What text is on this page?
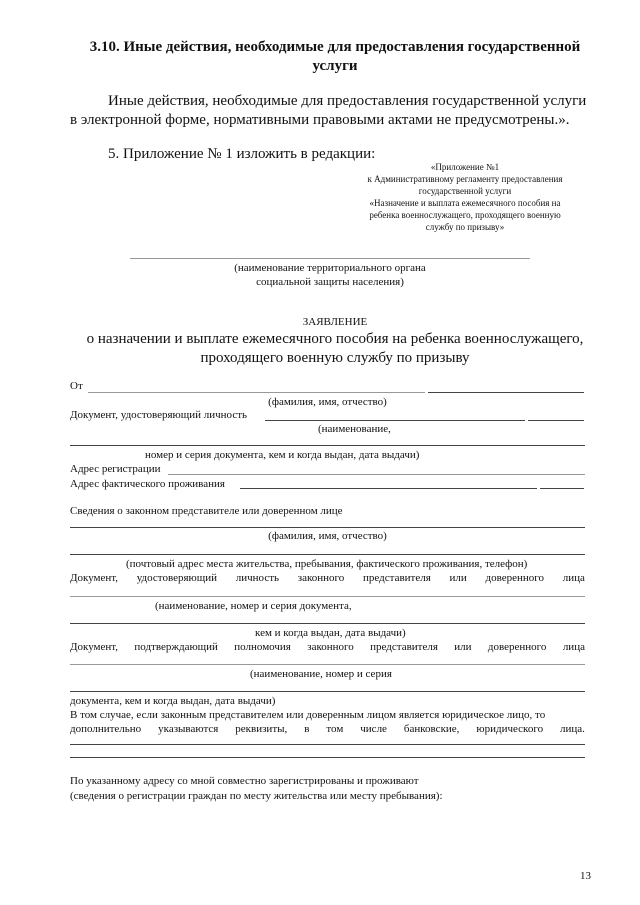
3.10. Иные действия, необходимые для предоставления государственной
услуги
Иные действия, необходимые для предоставления государственной услуги
в электронной форме, нормативными правовыми актами не предусмотрены.».
5. Приложение № 1 изложить в редакции:
«Приложение №1
к Административному регламенту предоставления
государственной услуги
«Назначение и выплата ежемесячного пособия на
ребенка военнослужащего, проходящего военную
службу по призыву»
(наименование территориального органа
социальной защиты населения)
ЗАЯВЛЕНИЕ
о назначении и выплате ежемесячного пособия на ребенка военнослужащего,
проходящего военную службу по призыву
От
(фамилия, имя, отчество)
Документ, удостоверяющий личность
(наименование,
номер и серия документа, кем и когда выдан, дата выдачи)
Адрес регистрации
Адрес фактического проживания
Сведения о законном представителе или доверенном лице
(фамилия, имя, отчество)
(почтовый адрес места жительства, пребывания, фактического проживания, телефон)
Документ, удостоверяющий личность законного представителя или доверенного лица
(наименование, номер и серия документа,
кем и когда выдан, дата выдачи)
Документ, подтверждающий полномочия законного представителя или доверенного лица
(наименование, номер и серия
документа, кем и когда выдан, дата выдачи)
В том случае, если законным представителем или доверенным лицом является юридическое лицо, то
дополнительно указываются реквизиты, в том числе банковские, юридического лица.
По указанному адресу со мной совместно зарегистрированы и проживают
(сведения о регистрации граждан по месту жительства или месту пребывания):
13
